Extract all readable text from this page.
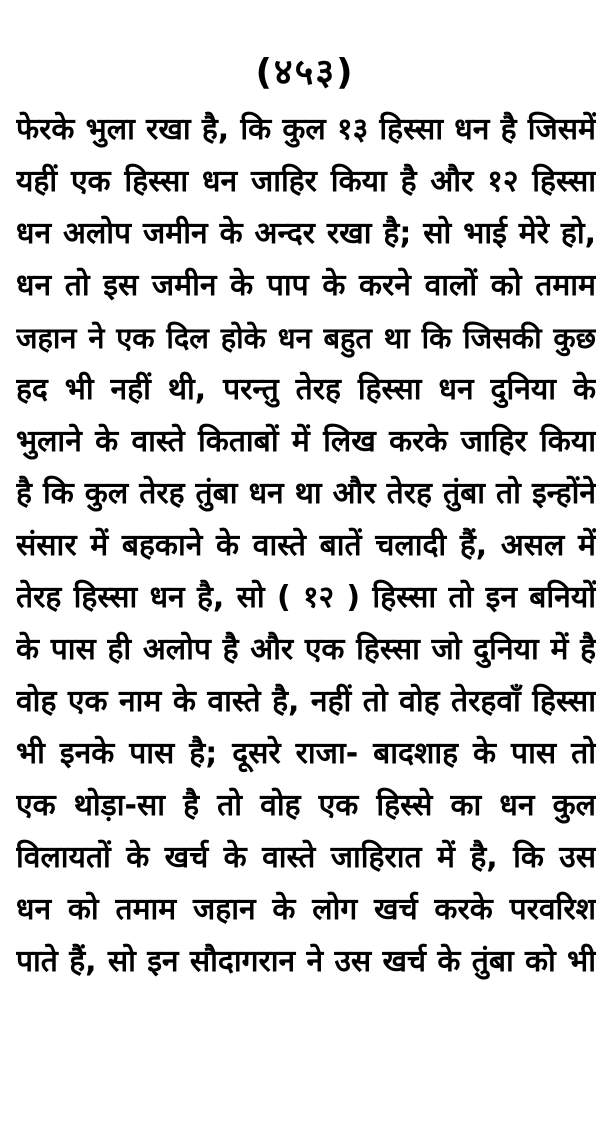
(४५३)
फेरके भुला रखा है, कि कुल १३ हिस्सा धन है जिसमें
यहीं एक हिस्सा धन जाहिर किया है और १२ हिस्सा
धन अलोप जमीन के अन्दर रखा है; सो भाई मेरे हो,
धन तो इस जमीन के पाप के करने वालों को तमाम
जहान ने एक दिल होके धन बहुत था कि जिसकी कुछ
हद भी नहीं थी, परन्तु तेरह हिस्सा धन दुनिया के
भुलाने के वास्ते किताबों में लिख करके जाहिर किया
है कि कुल तेरह तुंबा धन था और तेरह तुंबा तो इन्होंने
संसार में बहकाने के वास्ते बातें चलादी हैं, असल में
तेरह हिस्सा धन है, सो ( १२ ) हिस्सा तो इन बनियों
के पास ही अलोप है और एक हिस्सा जो दुनिया में है
वोह एक नाम के वास्ते है, नहीं तो वोह तेरहवाँ हिस्सा
भी इनके पास है; दूसरे राजा- बादशाह के पास तो
एक थोड़ा-सा है तो वोह एक हिस्से का धन कुल
विलायतों के खर्च के वास्ते जाहिरात में है, कि उस
धन को तमाम जहान के लोग खर्च करके परवरिश
पाते हैं, सो इन सौदागरान ने उस खर्च के तुंबा को भी
